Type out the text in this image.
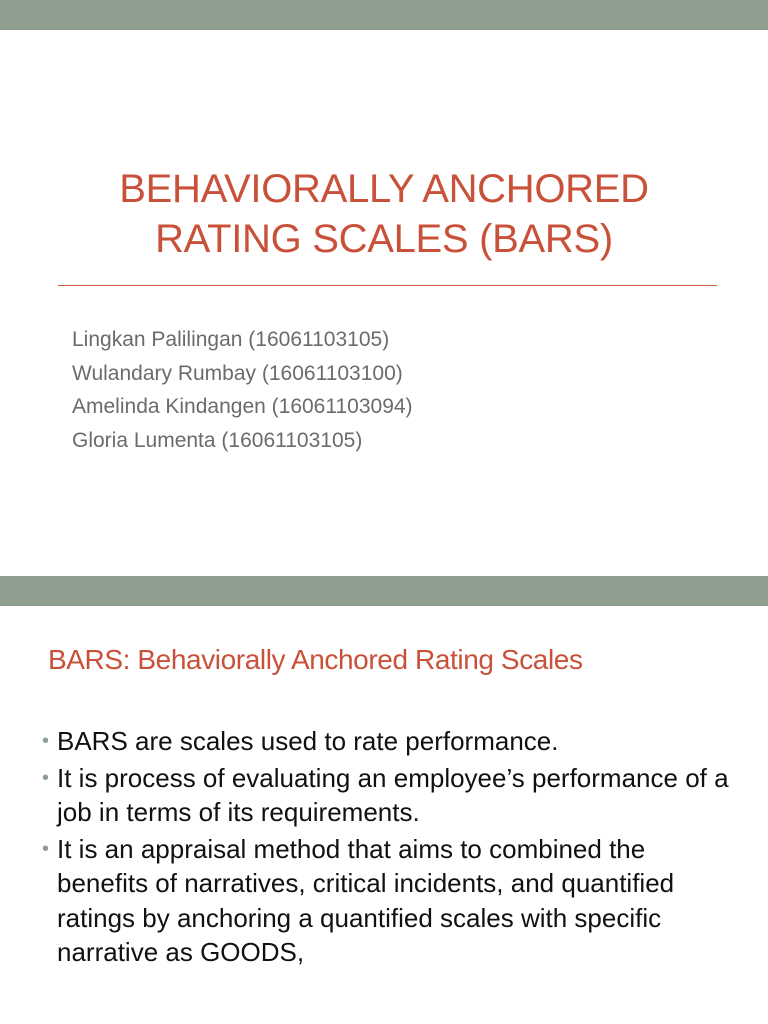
BEHAVIORALLY ANCHORED
RATING SCALES (BARS)
Lingkan Palilingan (16061103105)
Wulandary Rumbay (16061103100)
Amelinda Kindangen (16061103094)
Gloria Lumenta (16061103105)
BARS: Behaviorally Anchored Rating Scales
• BARS are scales used to rate performance.
• It is process of evaluating an employee’s performance of a job in terms of its requirements.
• It is an appraisal method that aims to combined the benefits of narratives, critical incidents, and quantified ratings by anchoring a quantified scales with specific narrative as GOODS,
